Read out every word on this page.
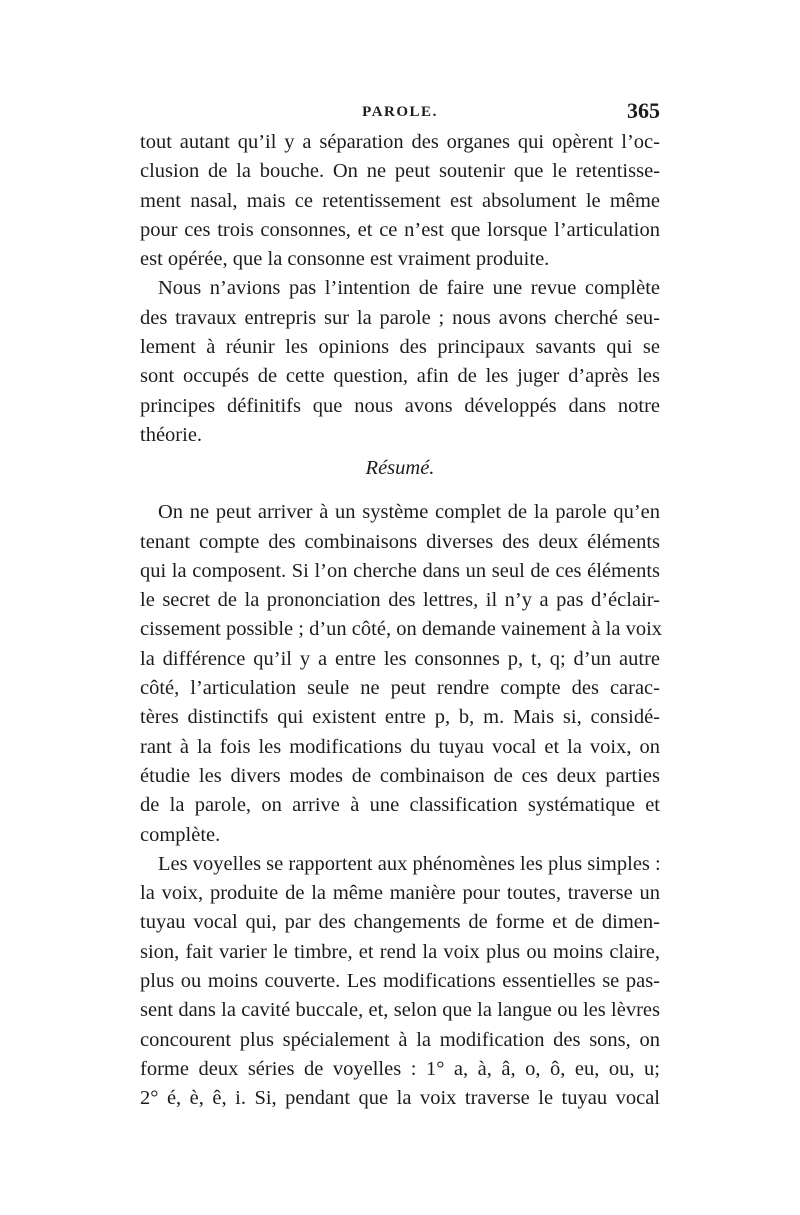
PAROLE.	365
tout autant qu’il y a séparation des organes qui opèrent l’oc-
clusion de la bouche. On ne peut soutenir que le retentisse-
ment nasal, mais ce retentissement est absolument le même
pour ces trois consonnes, et ce n’est que lorsque l’articulation
est opérée, que la consonne est vraiment produite.
Nous n’avions pas l’intention de faire une revue complète
des travaux entrepris sur la parole ; nous avons cherché seu-
lement à réunir les opinions des principaux savants qui se
sont occupés de cette question, afin de les juger d’après les
principes définitifs que nous avons développés dans notre
théorie.
Résumé.
On ne peut arriver à un système complet de la parole qu’en
tenant compte des combinaisons diverses des deux éléments
qui la composent. Si l’on cherche dans un seul de ces éléments
le secret de la prononciation des lettres, il n’y a pas d’éclair-
cissement possible ; d’un côté, on demande vainement à la voix
la différence qu’il y a entre les consonnes p, t, q; d’un autre
côté, l’articulation seule ne peut rendre compte des carac-
tères distinctifs qui existent entre p, b, m. Mais si, considé-
rant à la fois les modifications du tuyau vocal et la voix, on
étudie les divers modes de combinaison de ces deux parties
de la parole, on arrive à une classification systématique et
complète.
Les voyelles se rapportent aux phénomènes les plus simples :
la voix, produite de la même manière pour toutes, traverse un
tuyau vocal qui, par des changements de forme et de dimen-
sion, fait varier le timbre, et rend la voix plus ou moins claire,
plus ou moins couverte. Les modifications essentielles se pas-
sent dans la cavité buccale, et, selon que la langue ou les lèvres
concourent plus spécialement à la modification des sons, on
forme deux séries de voyelles : 1° a, à, â, o, ô, eu, ou, u;
2° é, è, ê, i. Si, pendant que la voix traverse le tuyau vocal
